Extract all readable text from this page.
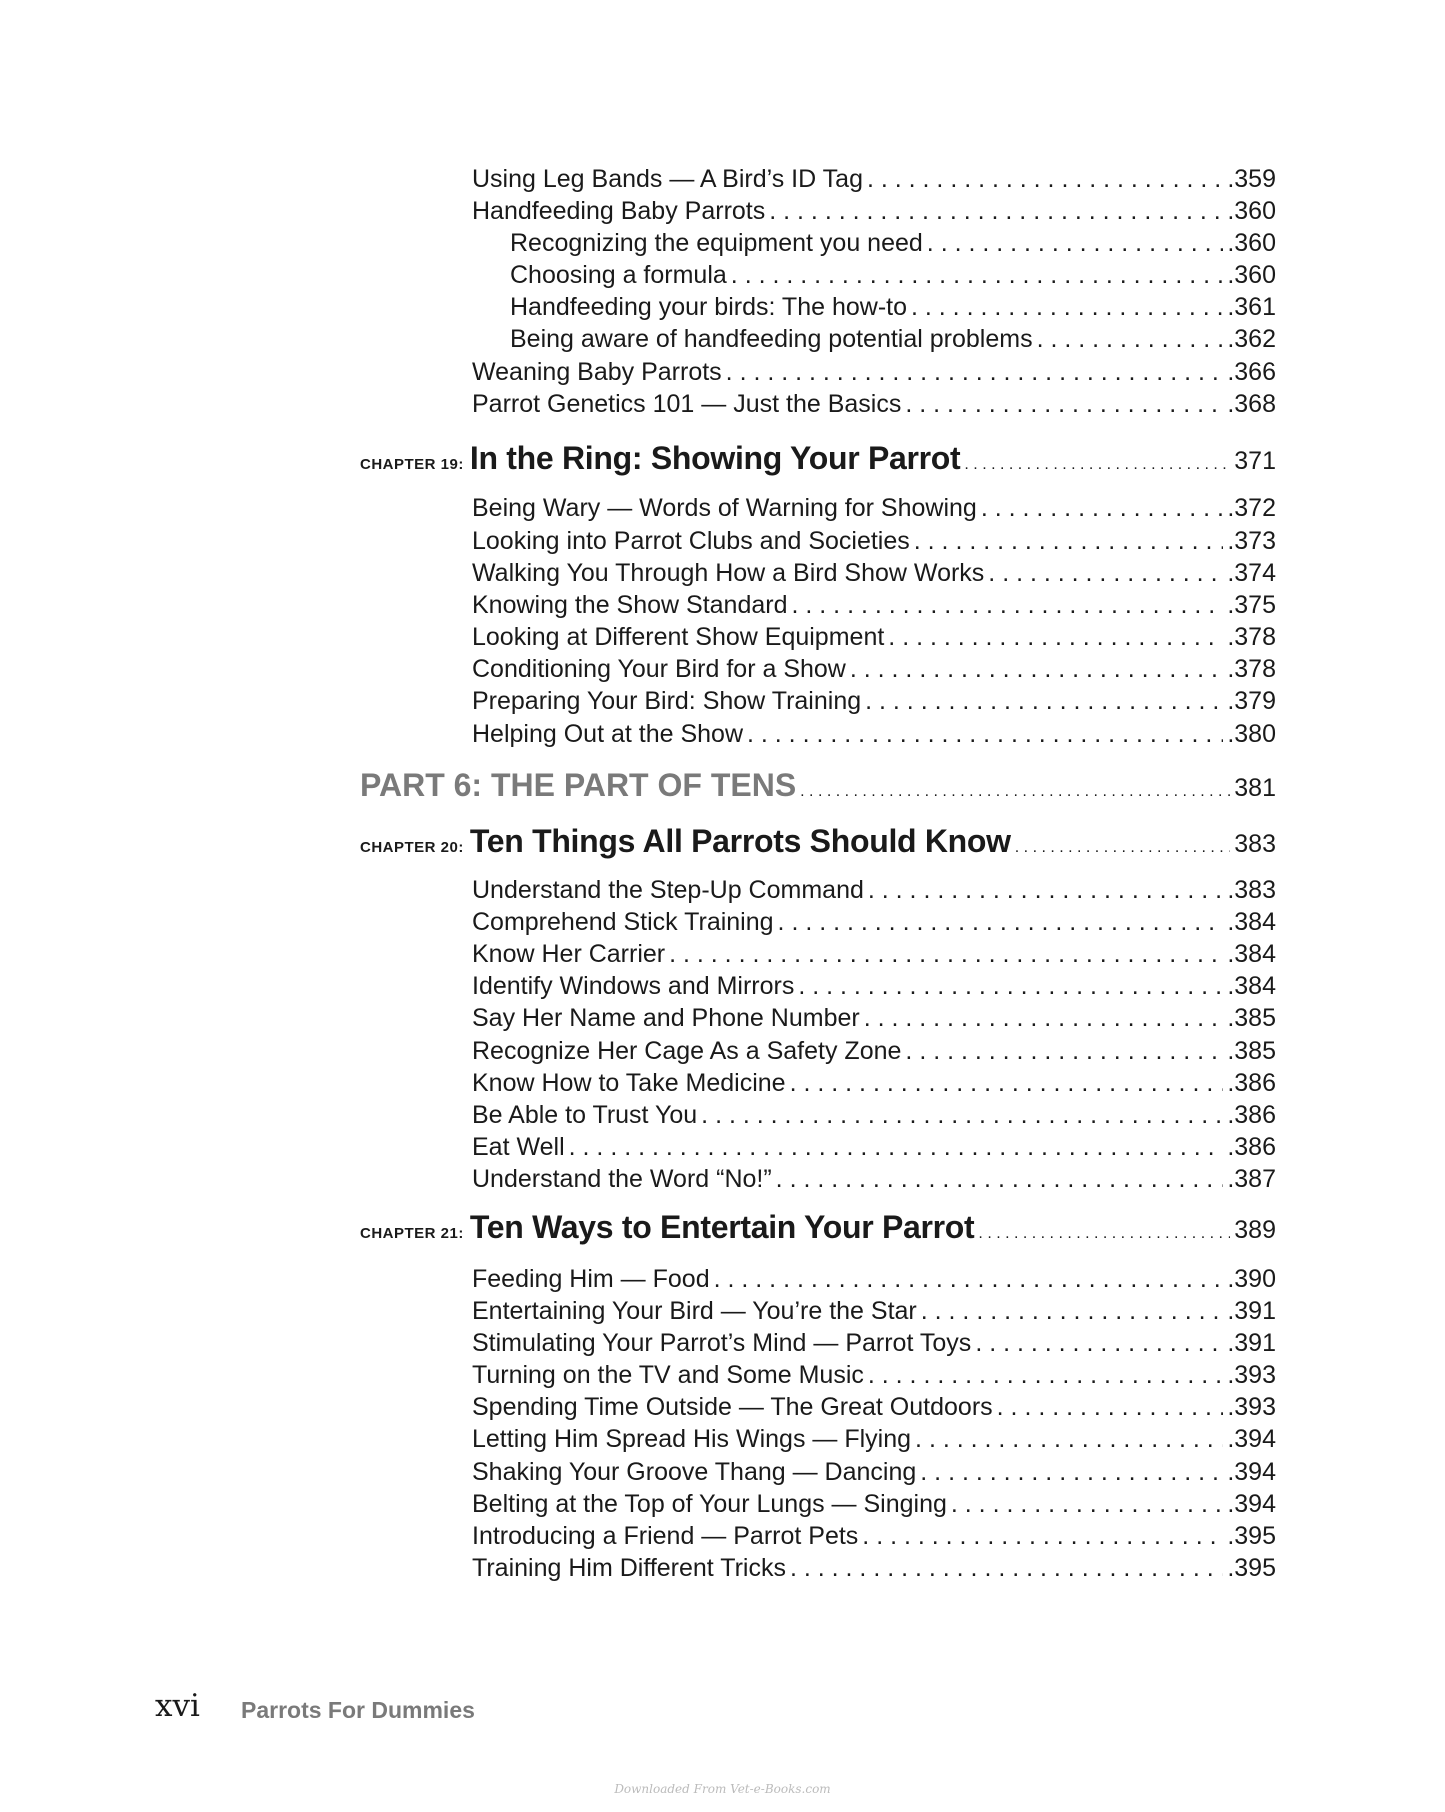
Using Leg Bands — A Bird’s ID Tag . . .	.359
Handfeeding Baby Parrots . . .	.360
Recognizing the equipment you need . . .	.360
Choosing a formula . . .	.360
Handfeeding your birds: The how-to . . .	.361
Being aware of handfeeding potential problems . . .	.362
Weaning Baby Parrots . . .	.366
Parrot Genetics 101 — Just the Basics . . .	.368
CHAPTER 19: In the Ring: Showing Your Parrot . . .	371
Being Wary — Words of Warning for Showing . . .	.372
Looking into Parrot Clubs and Societies . . .	.373
Walking You Through How a Bird Show Works . . .	.374
Knowing the Show Standard . . .	.375
Looking at Different Show Equipment . . .	.378
Conditioning Your Bird for a Show . . .	.378
Preparing Your Bird: Show Training . . .	.379
Helping Out at the Show . . .	.380
PART 6: THE PART OF TENS . . .	381
CHAPTER 20: Ten Things All Parrots Should Know . . .	383
Understand the Step-Up Command . . .	.383
Comprehend Stick Training . . .	.384
Know Her Carrier . . .	.384
Identify Windows and Mirrors . . .	.384
Say Her Name and Phone Number . . .	.385
Recognize Her Cage As a Safety Zone . . .	.385
Know How to Take Medicine . . .	.386
Be Able to Trust You . . .	.386
Eat Well . . .	.386
Understand the Word “No!” . . .	.387
CHAPTER 21: Ten Ways to Entertain Your Parrot . . .	389
Feeding Him — Food . . .	.390
Entertaining Your Bird — You’re the Star . . .	.391
Stimulating Your Parrot’s Mind — Parrot Toys . . .	.391
Turning on the TV and Some Music . . .	.393
Spending Time Outside — The Great Outdoors . . .	.393
Letting Him Spread His Wings — Flying . . .	.394
Shaking Your Groove Thang — Dancing . . .	.394
Belting at the Top of Your Lungs — Singing . . .	.394
Introducing a Friend — Parrot Pets . . .	.395
Training Him Different Tricks . . .	.395
xvi Parrots For Dummies
Downloaded From Vet-e-Books.com
